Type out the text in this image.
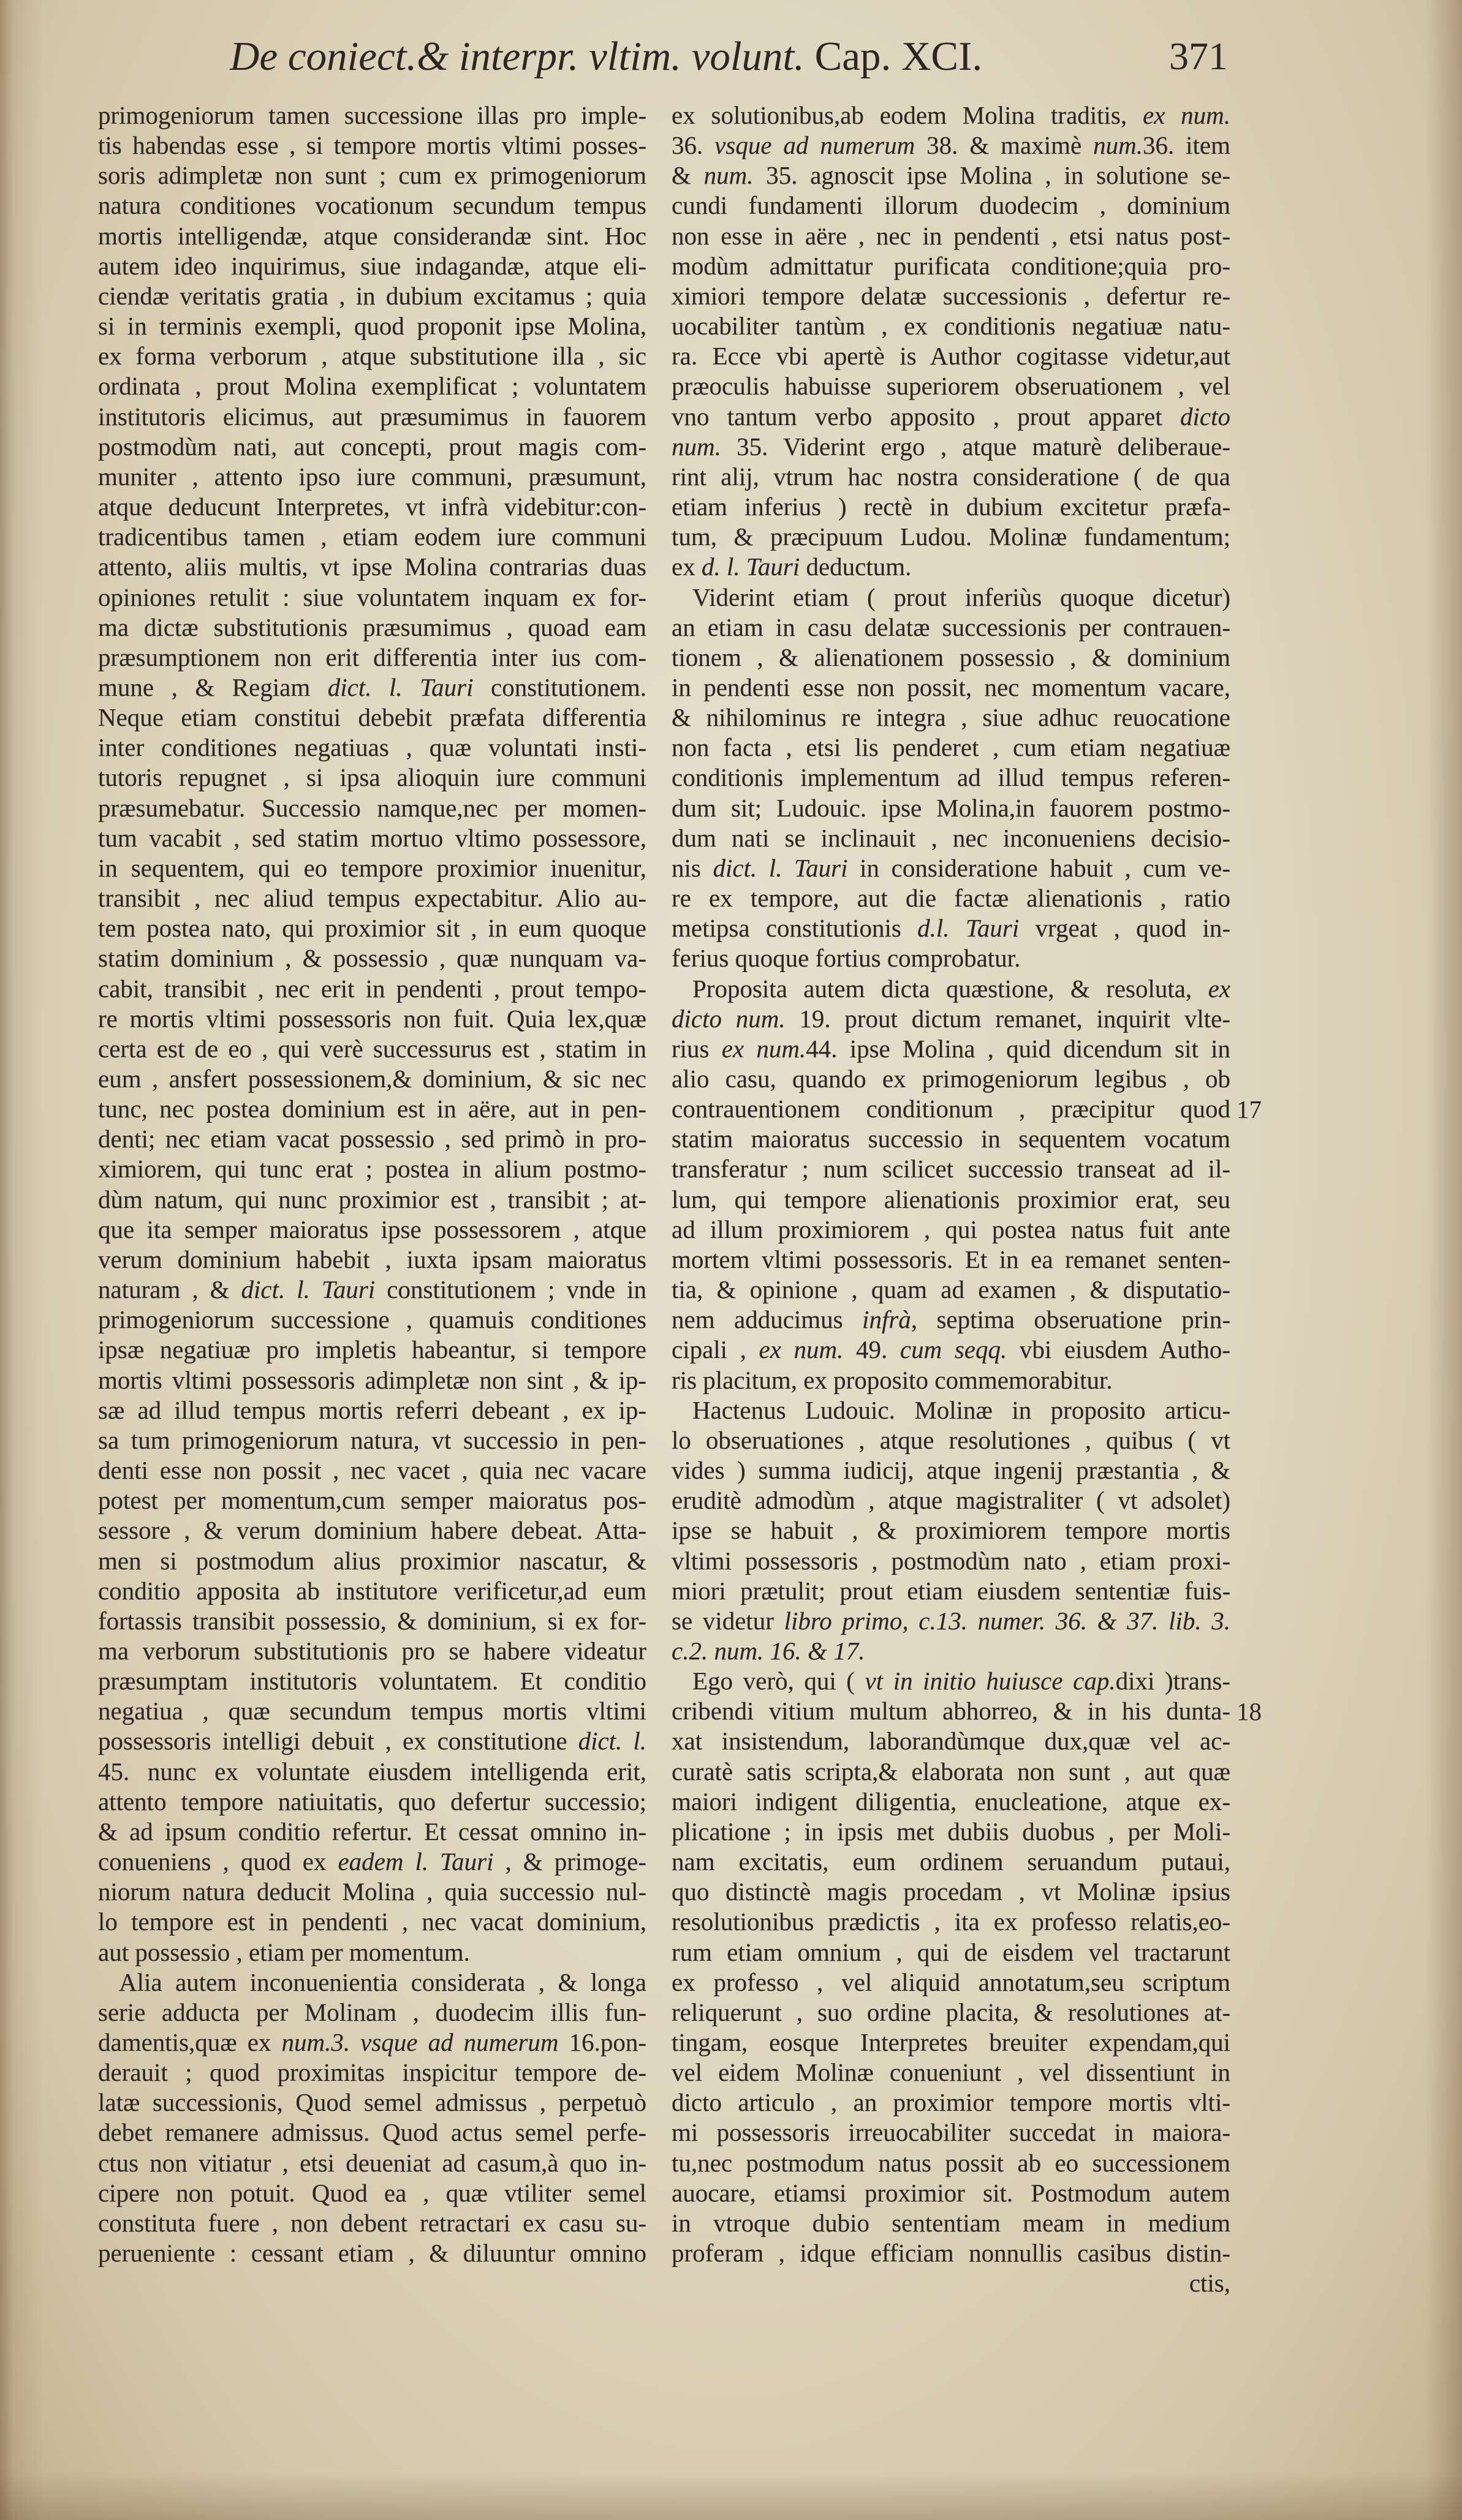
De coniect.& interpr. vltim. volunt. Cap. XCI.	371
primogeniorum tamen successione illas pro imple-
tis habendas esse , si tempore mortis vltimi posses-
soris adimpletæ non sunt ; cum ex primogeniorum
natura conditiones vocationum secundum tempus
mortis intelligendæ, atque considerandæ sint. Hoc
autem ideo inquirimus, siue indagandæ, atque eli-
ciendæ veritatis gratia , in dubium excitamus ; quia
si in terminis exempli, quod proponit ipse Molina,
ex forma verborum , atque substitutione illa , sic
ordinata , prout Molina exemplificat ; voluntatem
institutoris elicimus, aut præsumimus in fauorem
postmodùm nati, aut concepti, prout magis com-
muniter , attento ipso iure communi, præsumunt,
atque deducunt Interpretes, vt infrà videbitur:con-
tradicentibus tamen , etiam eodem iure communi
attento, aliis multis, vt ipse Molina contrarias duas
opiniones retulit : siue voluntatem inquam ex for-
ma dictæ substitutionis præsumimus , quoad eam
præsumptionem non erit differentia inter ius com-
mune , & Regiam dict. l. Tauri constitutionem.
Neque etiam constitui debebit præfata differentia
inter conditiones negatiuas , quæ voluntati insti-
tutoris repugnet , si ipsa alioquin iure communi
præsumebatur. Successio namque,nec per momen-
tum vacabit , sed statim mortuo vltimo possessore,
in sequentem, qui eo tempore proximior inuenitur,
transibit , nec aliud tempus expectabitur. Alio au-
tem postea nato, qui proximior sit , in eum quoque
statim dominium , & possessio , quæ nunquam va-
cabit, transibit , nec erit in pendenti , prout tempo-
re mortis vltimi possessoris non fuit. Quia lex,quæ
certa est de eo , qui verè successurus est , statim in
eum , ansfert possessionem,& dominium, & sic nec
tunc, nec postea dominium est in aëre, aut in pen-
denti; nec etiam vacat possessio , sed primò in pro-
ximiorem, qui tunc erat ; postea in alium postmo-
dùm natum, qui nunc proximior est , transibit ; at-
que ita semper maioratus ipse possessorem , atque
verum dominium habebit , iuxta ipsam maioratus
naturam , & dict. l. Tauri constitutionem ; vnde in
primogeniorum successione , quamuis conditiones
ipsæ negatiuæ pro impletis habeantur, si tempore
mortis vltimi possessoris adimpletæ non sint , & ip-
sæ ad illud tempus mortis referri debeant , ex ip-
sa tum primogeniorum natura, vt successio in pen-
denti esse non possit , nec vacet , quia nec vacare
potest per momentum,cum semper maioratus pos-
sessore , & verum dominium habere debeat. Atta-
men si postmodum alius proximior nascatur, &
conditio apposita ab institutore verificetur,ad eum
fortassis transibit possessio, & dominium, si ex for-
ma verborum substitutionis pro se habere videatur
præsumptam institutoris voluntatem. Et conditio
negatiua , quæ secundum tempus mortis vltimi
possessoris intelligi debuit , ex constitutione dict. l.
45. nunc ex voluntate eiusdem intelligenda erit,
attento tempore natiuitatis, quo defertur successio;
& ad ipsum conditio refertur. Et cessat omnino in-
conueniens , quod ex eadem l. Tauri , & primoge-
niorum natura deducit Molina , quia successio nul-
lo tempore est in pendenti , nec vacat dominium,
aut possessio , etiam per momentum.
Alia autem inconuenientia considerata , & longa
serie adducta per Molinam , duodecim illis fun-
damentis,quæ ex num.3. vsque ad numerum 16.pon-
derauit ; quod proximitas inspicitur tempore de-
latæ successionis, Quod semel admissus , perpetuò
debet remanere admissus. Quod actus semel perfe-
ctus non vitiatur , etsi deueniat ad casum,à quo in-
cipere non potuit. Quod ea , quæ vtiliter semel
constituta fuere , non debent retractari ex casu su-
perueniente : cessant etiam , & diluuntur omnino
ex solutionibus,ab eodem Molina traditis, ex num.
36. vsque ad numerum 38. & maximè num.36. item
& num. 35. agnoscit ipse Molina , in solutione se-
cundi fundamenti illorum duodecim , dominium
non esse in aëre , nec in pendenti , etsi natus post-
modùm admittatur purificata conditione;quia pro-
ximiori tempore delatæ successionis , defertur re-
uocabiliter tantùm , ex conditionis negatiuæ natu-
ra. Ecce vbi apertè is Author cogitasse videtur,aut
præoculis habuisse superiorem obseruationem , vel
vno tantum verbo apposito , prout apparet dicto
num. 35. Viderint ergo , atque maturè deliberaue-
rint alij, vtrum hac nostra consideratione ( de qua
etiam inferius ) rectè in dubium excitetur præfa-
tum, & præcipuum Ludou. Molinæ fundamentum;
ex d. l. Tauri deductum.
Viderint etiam ( prout inferiùs quoque dicetur)
an etiam in casu delatæ successionis per contrauen-
tionem , & alienationem possessio , & dominium
in pendenti esse non possit, nec momentum vacare,
& nihilominus re integra , siue adhuc reuocatione
non facta , etsi lis penderet , cum etiam negatiuæ
conditionis implementum ad illud tempus referen-
dum sit; Ludouic. ipse Molina,in fauorem postmo-
dum nati se inclinauit , nec inconueniens decisio-
nis dict. l. Tauri in consideratione habuit , cum ve-
re ex tempore, aut die factæ alienationis , ratio
metipsa constitutionis d.l. Tauri vrgeat , quod in-
ferius quoque fortius comprobatur.
Proposita autem dicta quæstione, & resoluta, ex
dicto num. 19. prout dictum remanet, inquirit vlte-
rius ex num.44. ipse Molina , quid dicendum sit in
alio casu, quando ex primogeniorum legibus , ob
contrauentionem conditionum , præcipitur quod
statim maioratus successio in sequentem vocatum
transferatur ; num scilicet successio transeat ad il-
lum, qui tempore alienationis proximior erat, seu
ad illum proximiorem , qui postea natus fuit ante
mortem vltimi possessoris. Et in ea remanet senten-
tia, & opinione , quam ad examen , & disputatio-
nem adducimus infrà, septima obseruatione prin-
cipali , ex num. 49. cum seqq. vbi eiusdem Autho-
ris placitum, ex proposito commemorabitur.
Hactenus Ludouic. Molinæ in proposito articu-
lo obseruationes , atque resolutiones , quibus ( vt
vides ) summa iudicij, atque ingenij præstantia , &
eruditè admodùm , atque magistraliter ( vt adsolet)
ipse se habuit , & proximiorem tempore mortis
vltimi possessoris , postmodùm nato , etiam proxi-
miori prætulit; prout etiam eiusdem sententiæ fuis-
se videtur libro primo, c.13. numer. 36. & 37. lib. 3.
c.2. num. 16. & 17.
Ego verò, qui ( vt in initio huiusce cap.dixi )trans-
cribendi vitium multum abhorreo, & in his dunta-
xat insistendum, laborandùmque dux,quæ vel ac-
curatè satis scripta,& elaborata non sunt , aut quæ
maiori indigent diligentia, enucleatione, atque ex-
plicatione ; in ipsis met dubiis duobus , per Moli-
nam excitatis, eum ordinem seruandum putaui,
quo distinctè magis procedam , vt Molinæ ipsius
resolutionibus prædictis , ita ex professo relatis,eo-
rum etiam omnium , qui de eisdem vel tractarunt
ex professo , vel aliquid annotatum,seu scriptum
reliquerunt , suo ordine placita, & resolutiones at-
tingam, eosque Interpretes breuiter expendam,qui
vel eidem Molinæ conueniunt , vel dissentiunt in
dicto articulo , an proximior tempore mortis vlti-
mi possessoris irreuocabiliter succedat in maiora-
tu,nec postmodum natus possit ab eo successionem
auocare, etiamsi proximior sit. Postmodum autem
in vtroque dubio sententiam meam in medium
proferam , idque efficiam nonnullis casibus distin-
ctis,
17
18
